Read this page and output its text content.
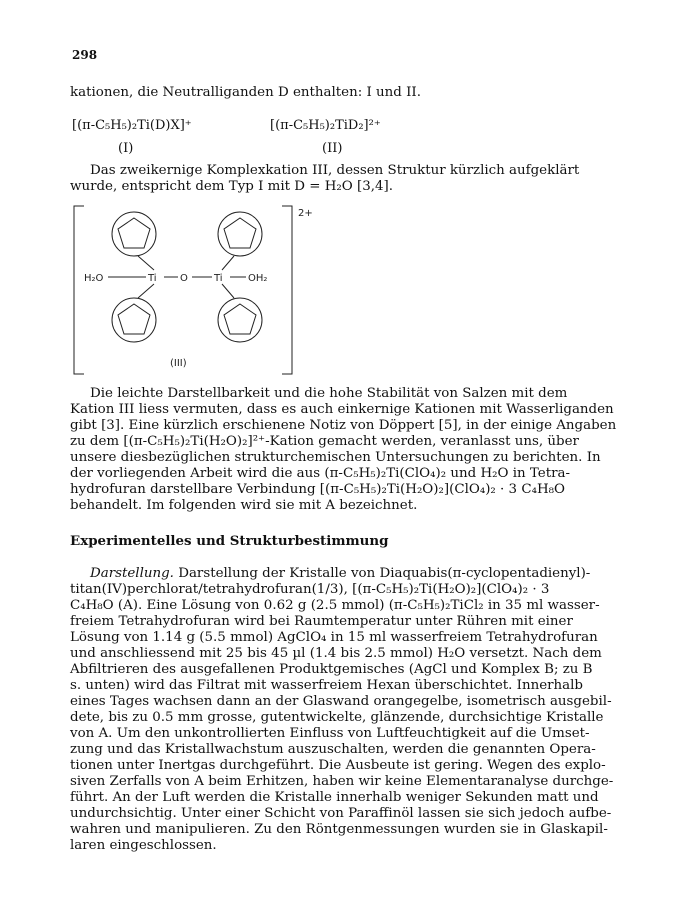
298
kationen, die Neutralliganden D enthalten: I und II.
[(π-C₅H₅)₂Ti(D)X]⁺	[(π-C₅H₅)₂TiD₂]²⁺
(I)	(II)
Das zweikernige Komplexkation III, dessen Struktur kürzlich aufgeklärt
wurde, entspricht dem Typ I mit D = H₂O [3,4].
2+
H₂O	Ti O	Ti	OH₂
(III)
Die leichte Darstellbarkeit und die hohe Stabilität von Salzen mit dem
Kation III liess vermuten, dass es auch einkernige Kationen mit Wasserliganden
gibt [3]. Eine kürzlich erschienene Notiz von Döppert [5], in der einige Angaben
zu dem [(π-C₅H₅)₂Ti(H₂O)₂]²⁺-Kation gemacht werden, veranlasst uns, über
unsere diesbezüglichen strukturchemischen Untersuchungen zu berichten. In
der vorliegenden Arbeit wird die aus (π-C₅H₅)₂Ti(ClO₄)₂ und H₂O in Tetra-
hydrofuran darstellbare Verbindung [(π-C₅H₅)₂Ti(H₂O)₂](ClO₄)₂ · 3 C₄H₈O
behandelt. Im folgenden wird sie mit A bezeichnet.
Experimentelles und Strukturbestimmung
Darstellung. Darstellung der Kristalle von Diaquabis(π-cyclopentadienyl)-
titan(IV)perchlorat/tetrahydrofuran(1/3), [(π-C₅H₅)₂Ti(H₂O)₂](ClO₄)₂ · 3
C₄H₈O (A). Eine Lösung von 0.62 g (2.5 mmol) (π-C₅H₅)₂TiCl₂ in 35 ml wasser-
freiem Tetrahydrofuran wird bei Raumtemperatur unter Rühren mit einer
Lösung von 1.14 g (5.5 mmol) AgClO₄ in 15 ml wasserfreiem Tetrahydrofuran
und anschliessend mit 25 bis 45 µl (1.4 bis 2.5 mmol) H₂O versetzt. Nach dem
Abfiltrieren des ausgefallenen Produktgemisches (AgCl und Komplex B; zu B
s. unten) wird das Filtrat mit wasserfreiem Hexan überschichtet. Innerhalb
eines Tages wachsen dann an der Glaswand orangegelbe, isometrisch ausgebil-
dete, bis zu 0.5 mm grosse, gutentwickelte, glänzende, durchsichtige Kristalle
von A. Um den unkontrollierten Einfluss von Luftfeuchtigkeit auf die Umset-
zung und das Kristallwachstum auszuschalten, werden die genannten Opera-
tionen unter Inertgas durchgeführt. Die Ausbeute ist gering. Wegen des explo-
siven Zerfalls von A beim Erhitzen, haben wir keine Elementaranalyse durchge-
führt. An der Luft werden die Kristalle innerhalb weniger Sekunden matt und
undurchsichtig. Unter einer Schicht von Paraffinöl lassen sie sich jedoch aufbe-
wahren und manipulieren. Zu den Röntgenmessungen wurden sie in Glaskapil-
laren eingeschlossen.
